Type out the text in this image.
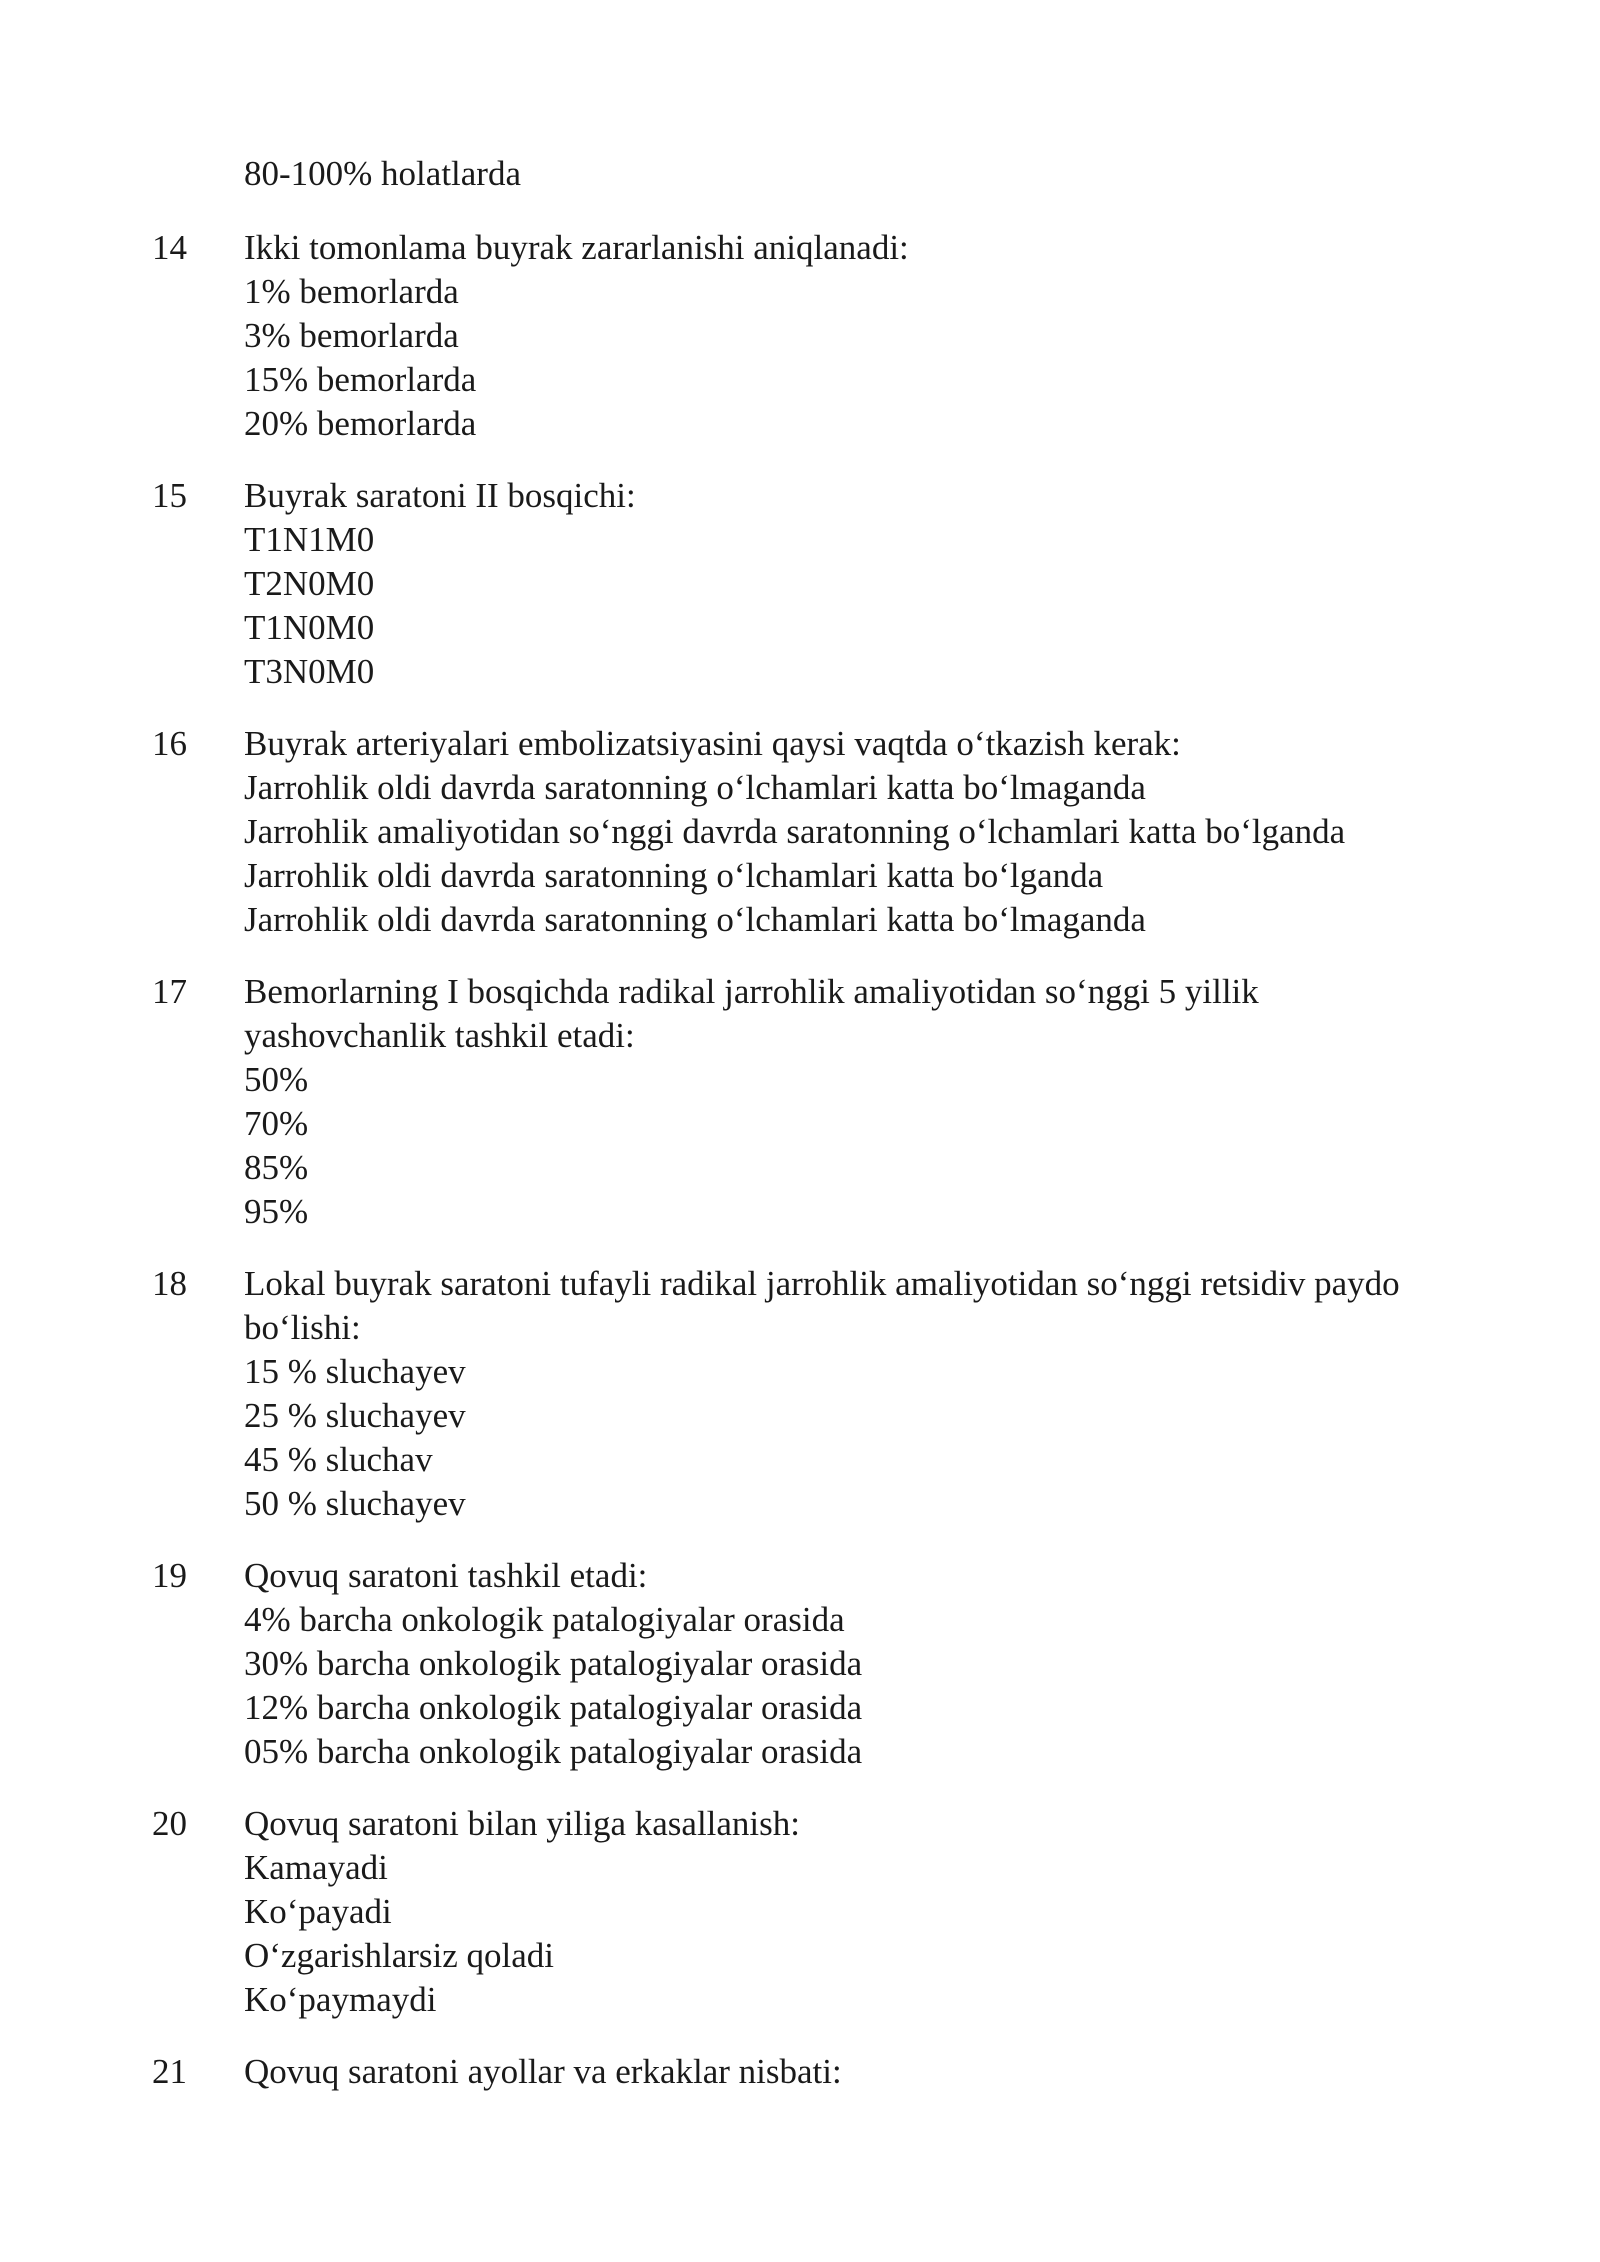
80-100% holatlarda
14 Ikki tomonlama buyrak zararlanishi aniqlanadi:
1% bemorlarda
3% bemorlarda
15% bemorlarda
20% bemorlarda
15 Buyrak saratoni II bosqichi:
T1N1M0
T2N0M0
T1N0M0
T3N0M0
16 Buyrak arteriyalari embolizatsiyasini qaysi vaqtda oʻtkazish kerak:
Jarrohlik oldi davrda saratonning oʻlchamlari katta boʻlmaganda
Jarrohlik amaliyotidan soʻnggi davrda saratonning oʻlchamlari katta boʻlganda
Jarrohlik oldi davrda saratonning oʻlchamlari katta boʻlganda
Jarrohlik oldi davrda saratonning oʻlchamlari katta boʻlmaganda
17 Bemorlarning I bosqichda radikal jarrohlik amaliyotidan soʻnggi 5 yillik yashovchanlik tashkil etadi:
50%
70%
85%
95%
18 Lokal buyrak saratoni tufayli radikal jarrohlik amaliyotidan soʻnggi retsidiv paydo boʻlishi:
15 % sluchayev
25 % sluchayev
45 % sluchav
50 % sluchayev
19 Qovuq saratoni tashkil etadi:
4% barcha onkologik patalogiyalar orasida
30% barcha onkologik patalogiyalar orasida
12% barcha onkologik patalogiyalar orasida
05% barcha onkologik patalogiyalar orasida
20 Qovuq saratoni bilan yiliga kasallanish:
Kamayadi
Koʻpayadi
Oʻzgarishlarsiz qoladi
Koʻpaymaydi
21 Qovuq saratoni ayollar va erkaklar nisbati:
